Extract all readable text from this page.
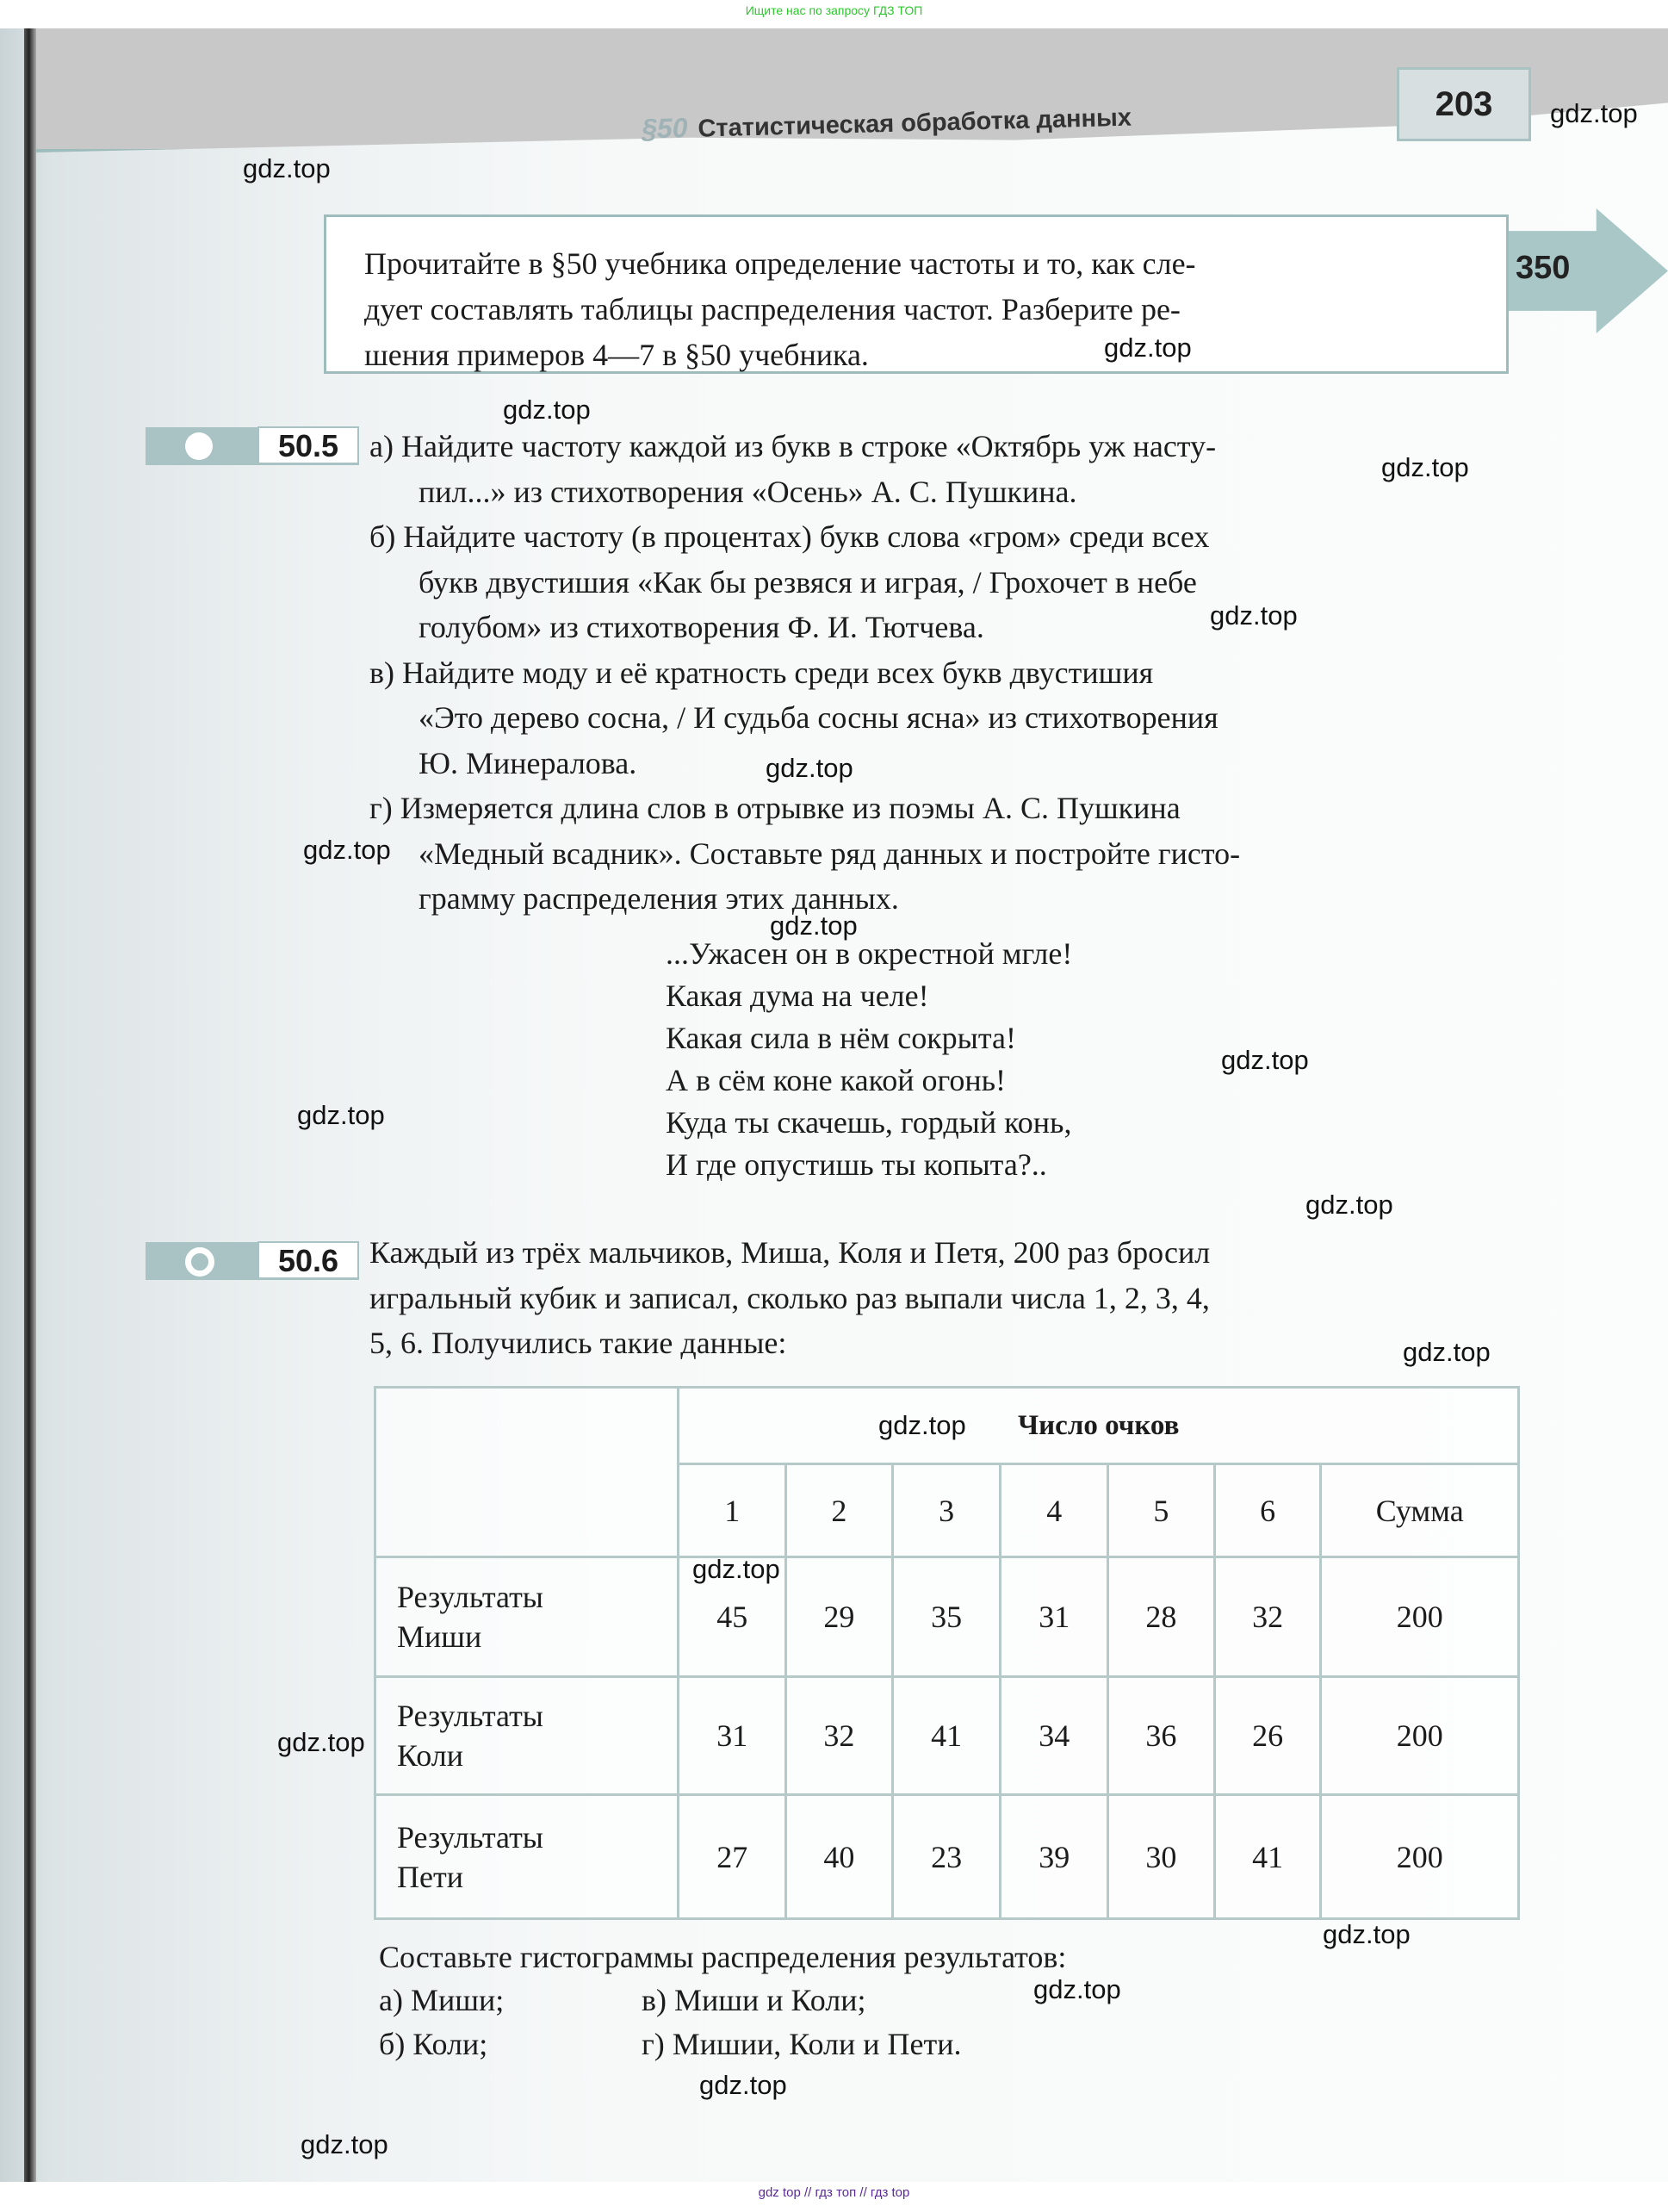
Ищите нас по запросу ГДЗ ТОП
§50 Статистическая обработка данных	203
Прочитайте в §50 учебника определение частоты и то, как сле-
дует составлять таблицы распределения частот. Разберите ре-
шения примеров 4—7 в §50 учебника.
350
50.5 а) Найдите частоту каждой из букв в строке «Октябрь уж насту-
пил...» из стихотворения «Осень» А. С. Пушкина.
б) Найдите частоту (в процентах) букв слова «гром» среди всех
букв двустишия «Как бы резвяся и играя, / Грохочет в небе
голубом» из стихотворения Ф. И. Тютчева.
в) Найдите моду и её кратность среди всех букв двустишия
«Это дерево сосна, / И судьба сосны ясна» из стихотворения
Ю. Минералова.
г) Измеряется длина слов в отрывке из поэмы А. С. Пушкина
«Медный всадник». Составьте ряд данных и постройте гисто-
грамму распределения этих данных.
...Ужасен он в окрестной мгле!
Какая дума на челе!
Какая сила в нём сокрыта!
А в сём коне какой огонь!
Куда ты скачешь, гордый конь,
И где опустишь ты копыта?..
50.6 Каждый из трёх мальчиков, Миша, Коля и Петя, 200 раз бросил
игральный кубик и записал, сколько раз выпали числа 1, 2, 3, 4,
5, 6. Получились такие данные:
	Число очков						
	1	2	3	4	5	6	Сумма
Результаты
Миши	45	29	35	31	28	32	200
Результаты
Коли	31	32	41	34	36	26	200
Результаты
Пети	27	40	23	39	30	41	200
Составьте гистограммы распределения результатов:
а) Миши;
б) Коли;
в) Миши и Коли;
г) Мишии, Коли и Пети.
gdz.top
gdz.top
gdz.top
gdz.top
gdz.top
gdz.top
gdz.top
gdz.top
gdz.top
gdz.top
gdz.top
gdz.top
gdz.top
gdz.top
gdz.top
gdz.top
gdz.top
gdz.top
gdz.top
gdz.top
gdz top // гдз топ // гдз top
